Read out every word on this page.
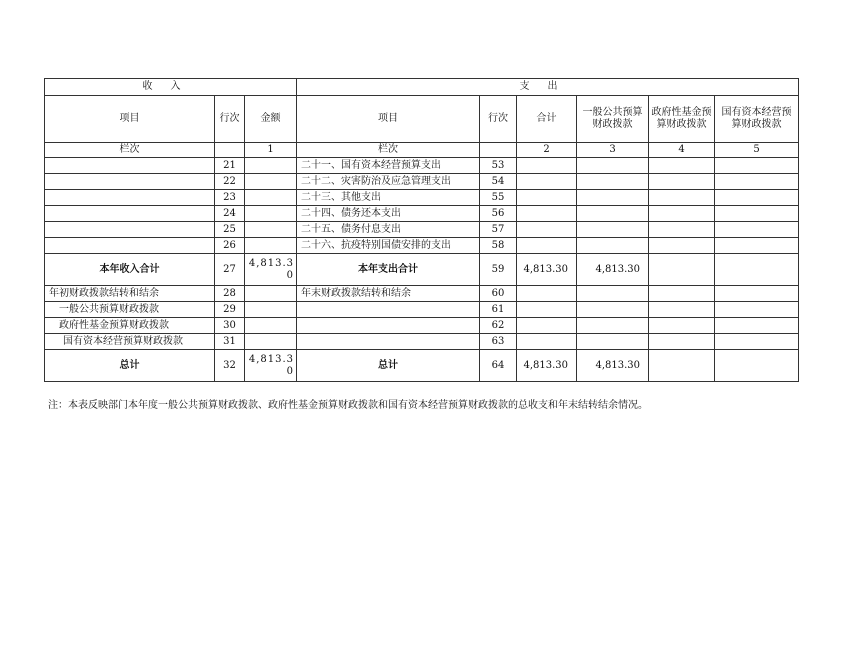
收入			支出					
项目	行次	金额	项目	行次	合计	一般公共预算财政拨款	政府性基金预算财政拨款	国有资本经营预算财政拨款
栏次		1	栏次		2	3	4	5
	21		二十一、国有资本经营预算支出	53				
	22		二十二、灾害防治及应急管理支出	54				
	23		二十三、其他支出	55				
	24		二十四、债务还本支出	56				
	25		二十五、债务付息支出	57				
	26		二十六、抗疫特别国债安排的支出	58				
本年收入合计	27	4,813.30	本年支出合计	59	4,813.30	4,813.30		
年初财政拨款结转和结余	28		年末财政拨款结转和结余	60				
一般公共预算财政拨款	29			61				
政府性基金预算财政拨款	30			62				
国有资本经营预算财政拨款	31			63				
总计	32	4,813.30	总计	64	4,813.30	4,813.30		
注：本表反映部门本年度一般公共预算财政拨款、政府性基金预算财政拨款和国有资本经营预算财政拨款的总收支和年末结转结余情况。
